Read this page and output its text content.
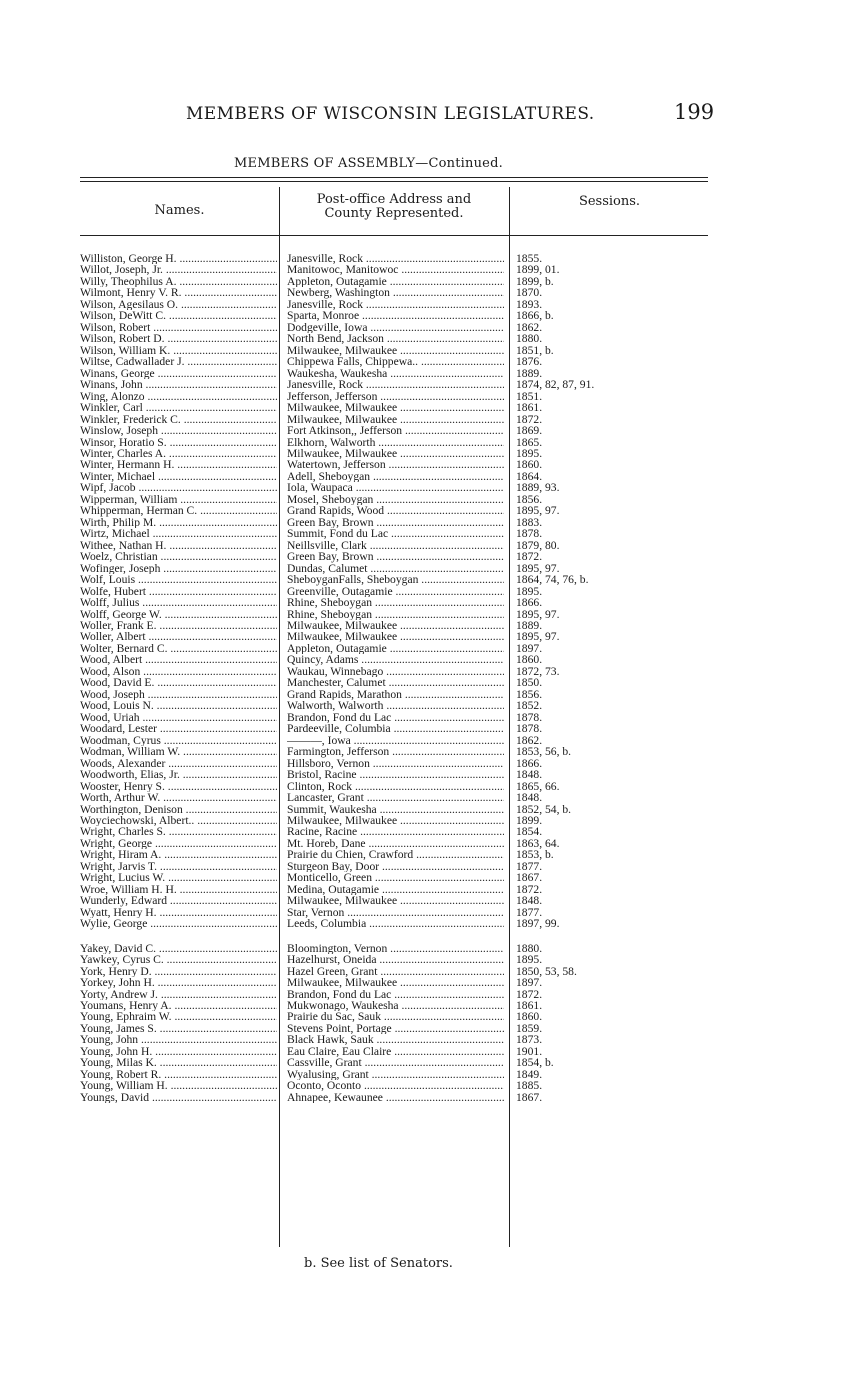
MEMBERS OF WISCONSIN LEGISLATURES.	199
MEMBERS OF ASSEMBLY—Continued.
Names.
Post-office Address and
County Represented.
Sessions.
Williston, George H. .....	Janesville, Rock .....	1855.
Willot, Joseph, Jr. .....	Manitowoc, Manitowoc .....	1899, 01.
Willy, Theophilus A. .....	Appleton, Outagamie .....	1899, b.
Wilmont, Henry V. R. .....	Newberg, Washington .....	1870.
Wilson, Agesilaus O. .....	Janesville, Rock .....	1893.
Wilson, DeWitt C. .....	Sparta, Monroe .....	1866, b.
Wilson, Robert .....	Dodgeville, Iowa .....	1862.
Wilson, Robert D. .....	North Bend, Jackson .....	1880.
Wilson, William K. .....	Milwaukee, Milwaukee .....	1851, b.
Wiltse, Cadwallader J. .....	Chippewa Falls, Chippewa.. .....	1876.
Winans, George .....	Waukesha, Waukesha .....	1889.
Winans, John .....	Janesville, Rock .....	1874, 82, 87, 91.
Wing, Alonzo .....	Jefferson, Jefferson .....	1851.
Winkler, Carl .....	Milwaukee, Milwaukee .....	1861.
Winkler, Frederick C. .....	Milwaukee, Milwaukee .....	1872.
Winslow, Joseph .....	Fort Atkinson,, Jefferson .....	1869.
Winsor, Horatio S. .....	Elkhorn, Walworth .....	1865.
Winter, Charles A. .....	Milwaukee, Milwaukee .....	1895.
Winter, Hermann H. .....	Watertown, Jefferson .....	1860.
Winter, Michael .....	Adell, Sheboygan .....	1864.
Wipf, Jacob .....	Iola, Waupaca .....	1889, 93.
Wipperman, William .....	Mosel, Sheboygan .....	1856.
Whipperman, Herman C. .....	Grand Rapids, Wood .....	1895, 97.
Wirth, Philip M. .....	Green Bay, Brown .....	1883.
Wirtz, Michael .....	Summit, Fond du Lac .....	1878.
Withee, Nathan H. .....	Neillsville, Clark .....	1879, 80.
Woelz, Christian .....	Green Bay, Brown .....	1872.
Wofinger, Joseph .....	Dundas, Calumet .....	1895, 97.
Wolf, Louis .....	SheboyganFalls, Sheboygan .....	1864, 74, 76, b.
Wolfe, Hubert .....	Greenville, Outagamie .....	1895.
Wolff, Julius .....	Rhine, Sheboygan .....	1866.
Wolff, George W. .....	Rhine, Sheboygan .....	1895, 97.
Woller, Frank E. .....	Milwaukee, Milwaukee .....	1889.
Woller, Albert .....	Milwaukee, Milwaukee .....	1895, 97.
Wolter, Bernard C. .....	Appleton, Outagamie .....	1897.
Wood, Albert .....	Quincy, Adams .....	1860.
Wood, Alson .....	Waukau, Winnebago .....	1872, 73.
Wood, David E. .....	Manchester, Calumet .....	1850.
Wood, Joseph .....	Grand Rapids, Marathon .....	1856.
Wood, Louis N. .....	Walworth, Walworth .....	1852.
Wood, Uriah .....	Brandon, Fond du Lac .....	1878.
Woodard, Lester .....	Pardeeville, Columbia .....	1878.
Woodman, Cyrus .....	———, Iowa .....	1862.
Wodman, William W. .....	Farmington, Jefferson .....	1853, 56, b.
Woods, Alexander .....	Hillsboro, Vernon .....	1866.
Woodworth, Elias, Jr. .....	Bristol, Racine .....	1848.
Wooster, Henry S. .....	Clinton, Rock .....	1865, 66.
Worth, Arthur W. .....	Lancaster, Grant .....	1848.
Worthington, Denison .....	Summit, Waukesha .....	1852, 54, b.
Woyciechowski, Albert.. .....	Milwaukee, Milwaukee .....	1899.
Wright, Charles S. .....	Racine, Racine .....	1854.
Wright, George .....	Mt. Horeb, Dane .....	1863, 64.
Wright, Hiram A. .....	Prairie du Chien, Crawford .....	1853, b.
Wright, Jarvis T. .....	Sturgeon Bay, Door .....	1877.
Wright, Lucius W. .....	Monticello, Green .....	1867.
Wroe, William H. H. .....	Medina, Outagamie .....	1872.
Wunderly, Edward .....	Milwaukee, Milwaukee .....	1848.
Wyatt, Henry H. .....	Star, Vernon .....	1877.
Wylie, George .....	Leeds, Columbia .....	1897, 99.
Yakey, David C. .....	Bloomington, Vernon .....	1880.
Yawkey, Cyrus C. .....	Hazelhurst, Oneida .....	1895.
York, Henry D. .....	Hazel Green, Grant .....	1850, 53, 58.
Yorkey, John H. .....	Milwaukee, Milwaukee .....	1897.
Yorty, Andrew J. .....	Brandon, Fond du Lac .....	1872.
Youmans, Henry A. .....	Mukwonago, Waukesha .....	1861.
Young, Ephraim W. .....	Prairie du Sac, Sauk .....	1860.
Young, James S. .....	Stevens Point, Portage .....	1859.
Young, John .....	Black Hawk, Sauk .....	1873.
Young, John H. .....	Eau Claire, Eau Claire .....	1901.
Young, Milas K. .....	Cassville, Grant .....	1854, b.
Young, Robert R. .....	Wyalusing, Grant .....	1849.
Young, William H. .....	Oconto, Oconto .....	1885.
Youngs, David .....	Ahnapee, Kewaunee .....	1867.
b. See list of Senators.
